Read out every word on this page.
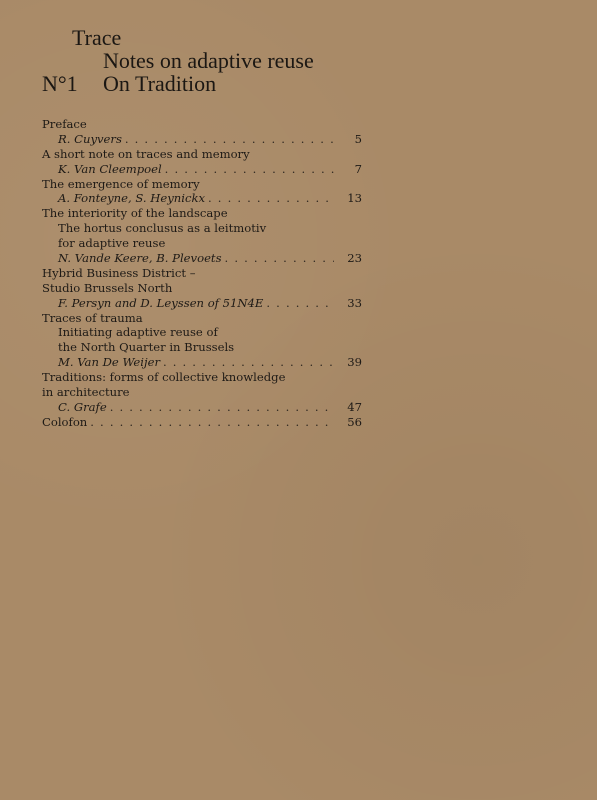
Trace
Notes on adaptive reuse
N°1 On Tradition
Preface
R. Cuyvers . . .	5
A short note on traces and memory
K. Van Cleempoel . . .	7
The emergence of memory
A. Fonteyne, S. Heynickx . . .	13
The interiority of the landscape
The hortus conclusus as a leitmotiv
for adaptive reuse
N. Vande Keere, B. Plevoets . . .	23
Hybrid Business District –
Studio Brussels North
F. Persyn and D. Leyssen of 51N4E . . .	33
Traces of trauma
Initiating adaptive reuse of
the North Quarter in Brussels
M. Van De Weijer . . .	39
Traditions: forms of collective knowledge
in architecture
C. Grafe . . .	47
Colofon . . .	56
